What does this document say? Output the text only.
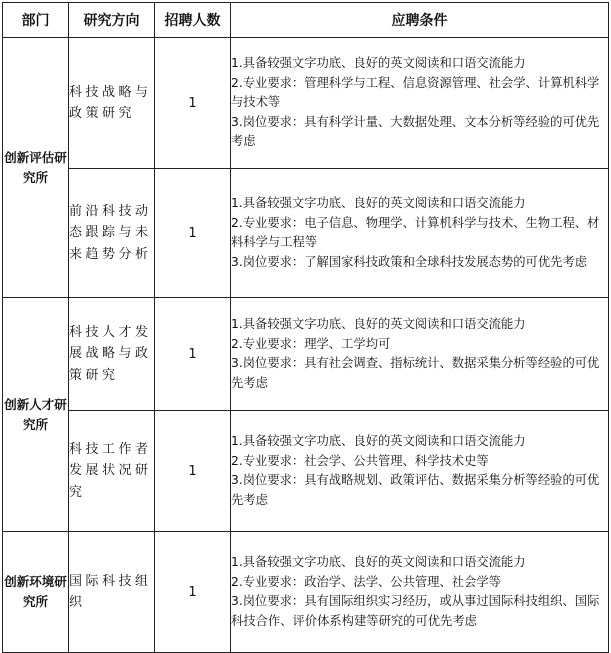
部门	研究方向	招聘人数	应聘条件
创新评估研究所	科技战略与政策研究	1	1.具备较强文字功底、良好的英文阅读和口语交流能力
2.专业要求：管理科学与工程、信息资源管理、社会学、计算机科学与技术等
3.岗位要求：具有科学计量、大数据处理、文本分析等经验的可优先考虑

	前沿科技动态跟踪与未来趋势分析	1	1.具备较强文字功底、良好的英文阅读和口语交流能力
2.专业要求：电子信息、物理学、计算机科学与技术、生物工程、材料科学与工程等
3.岗位要求：了解国家科技政策和全球科技发展态势的可优先考虑

创新人才研究所	科技人才发展战略与政策研究	1	1.具备较强文字功底、良好的英文阅读和口语交流能力
2.专业要求：理学、工学均可
3.岗位要求：具有社会调查、指标统计、数据采集分析等经验的可优先考虑

	科技工作者发展状况研究	1	1.具备较强文字功底、良好的英文阅读和口语交流能力
2.专业要求：社会学、公共管理、科学技术史等
3.岗位要求：具有战略规划、政策评估、数据采集分析等经验的可优先考虑

创新环境研究所	国际科技组织	1	1.具备较强文字功底、良好的英文阅读和口语交流能力
2.专业要求：政治学、法学、公共管理、社会学等
3.岗位要求：具有国际组织实习经历，或从事过国际科技组织、国际科技合作、评价体系构建等研究的可优先考虑
